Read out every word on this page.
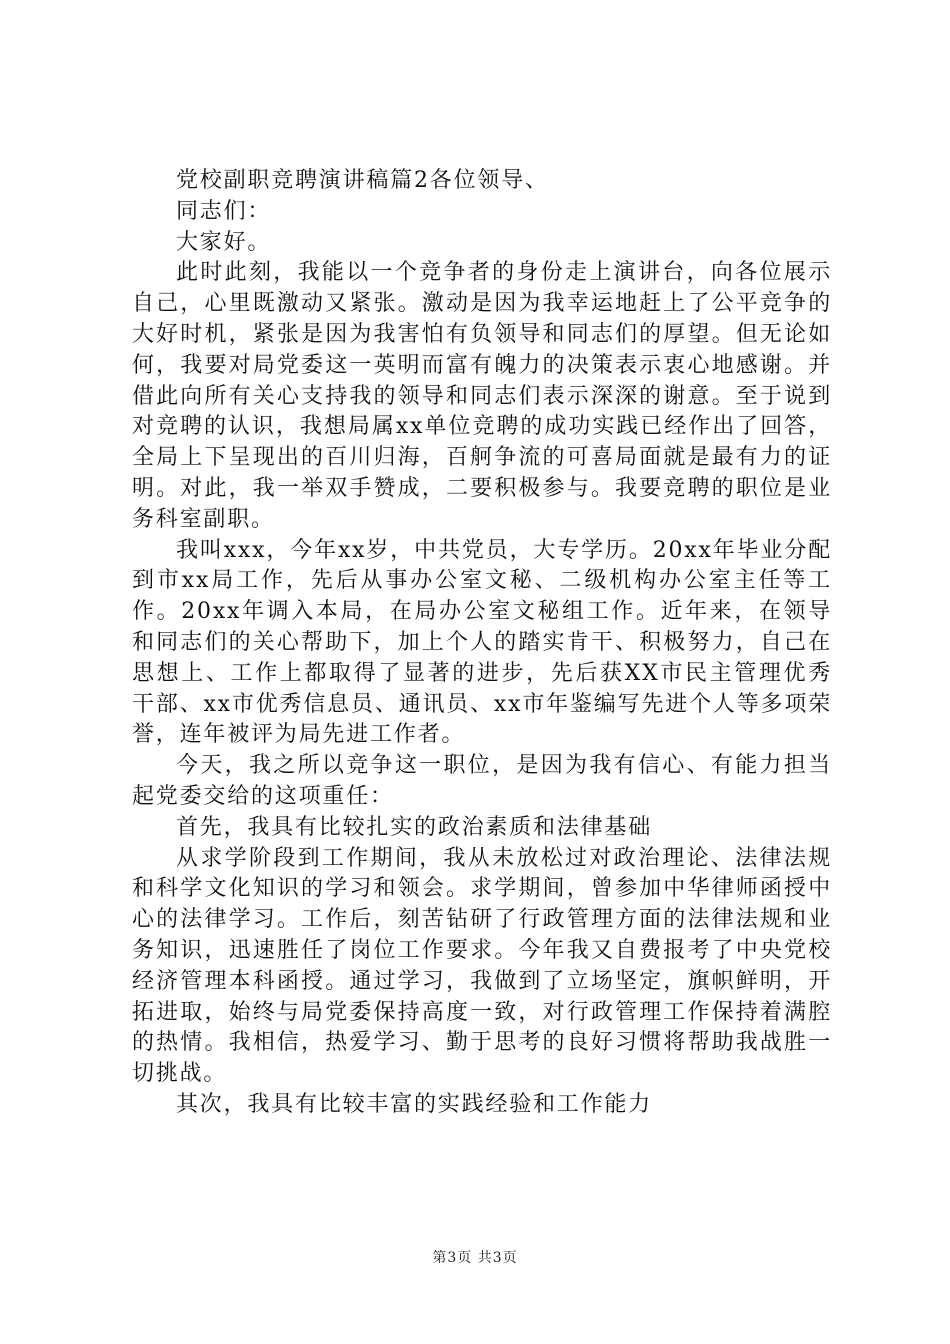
党校副职竞聘演讲稿篇2各位领导、

同志们：

大家好。

此时此刻，我能以一个竞争者的身份走上演讲台，向各位展示自己，心里既激动又紧张。激动是因为我幸运地赶上了公平竞争的大好时机，紧张是因为我害怕有负领导和同志们的厚望。但无论如何，我要对局党委这一英明而富有魄力的决策表示衷心地感谢。并借此向所有关心支持我的领导和同志们表示深深的谢意。至于说到对竞聘的认识，我想局属xx单位竞聘的成功实践已经作出了回答，全局上下呈现出的百川归海，百舸争流的可喜局面就是最有力的证明。对此，我一举双手赞成，二要积极参与。我要竞聘的职位是业务科室副职。

我叫xxx，今年xx岁，中共党员，大专学历。20xx年毕业分配到市xx局工作，先后从事办公室文秘、二级机构办公室主任等工作。20xx年调入本局，在局办公室文秘组工作。近年来，在领导和同志们的关心帮助下，加上个人的踏实肯干、积极努力，自己在思想上、工作上都取得了显著的进步，先后获XX市民主管理优秀干部、xx市优秀信息员、通讯员、xx市年鉴编写先进个人等多项荣誉，连年被评为局先进工作者。

今天，我之所以竞争这一职位，是因为我有信心、有能力担当起党委交给的这项重任：

首先，我具有比较扎实的政治素质和法律基础

从求学阶段到工作期间，我从未放松过对政治理论、法律法规和科学文化知识的学习和领会。求学期间，曾参加中华律师函授中心的法律学习。工作后，刻苦钻研了行政管理方面的法律法规和业务知识，迅速胜任了岗位工作要求。今年我又自费报考了中央党校经济管理本科函授。通过学习，我做到了立场坚定，旗帜鲜明，开拓进取，始终与局党委保持高度一致，对行政管理工作保持着满腔的热情。我相信，热爱学习、勤于思考的良好习惯将帮助我战胜一切挑战。

其次，我具有比较丰富的实践经验和工作能力

第3页 共3页
